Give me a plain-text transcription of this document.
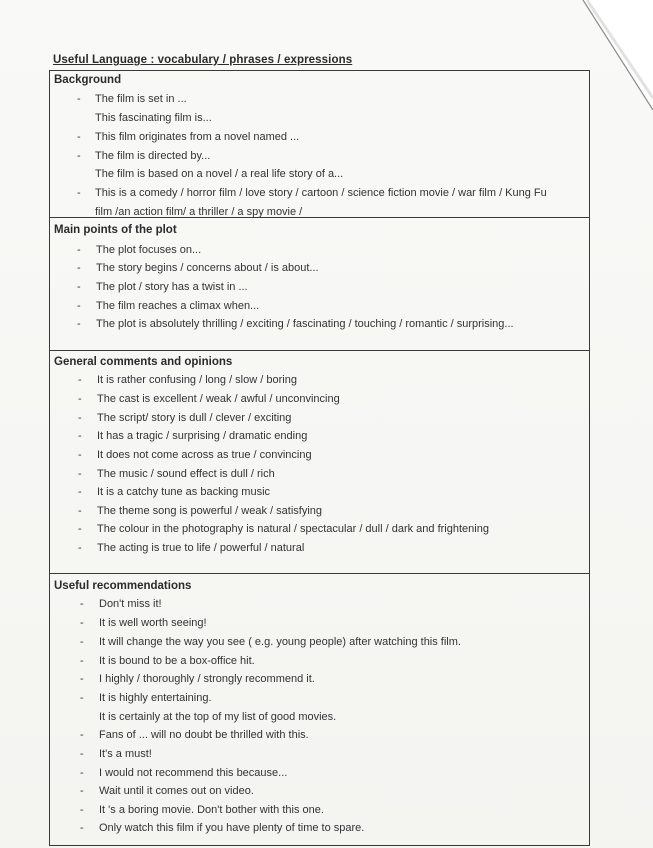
Useful Language : vocabulary / phrases / expressions
Background
- The film is set in ...
This fascinating film is...
- This film originates from a novel named ...
- The film is directed by...
The film is based on a novel / a real life story of a...
- This is a comedy / horror film / love story / cartoon / science fiction movie / war film / Kung Fu
film /an action film/ a thriller / a spy movie /
Main points of the plot
- The plot focuses on...
- The story begins / concerns about / is about...
- The plot / story has a twist in ...
- The film reaches a climax when...
- The plot is absolutely thrilling / exciting / fascinating / touching / romantic / surprising...
General comments and opinions
- It is rather confusing / long / slow / boring
- The cast is excellent / weak / awful / unconvincing
- The script/ story is dull / clever / exciting
- It has a tragic / surprising / dramatic ending
- It does not come across as true / convincing
- The music / sound effect is dull / rich
- It is a catchy tune as backing music
- The theme song is powerful / weak / satisfying
- The colour in the photography is natural / spectacular / dull / dark and frightening
- The acting is true to life / powerful / natural
Useful recommendations
- Don't miss it!
- It is well worth seeing!
- It will change the way you see ( e.g. young people) after watching this film.
- It is bound to be a box-office hit.
- I highly / thoroughly / strongly recommend it.
- It is highly entertaining.
It is certainly at the top of my list of good movies.
- Fans of ... will no doubt be thrilled with this.
- It's a must!
- I would not recommend this because...
- Wait until it comes out on video.
- It 's a boring movie. Don't bother with this one.
- Only watch this film if you have plenty of time to spare.
